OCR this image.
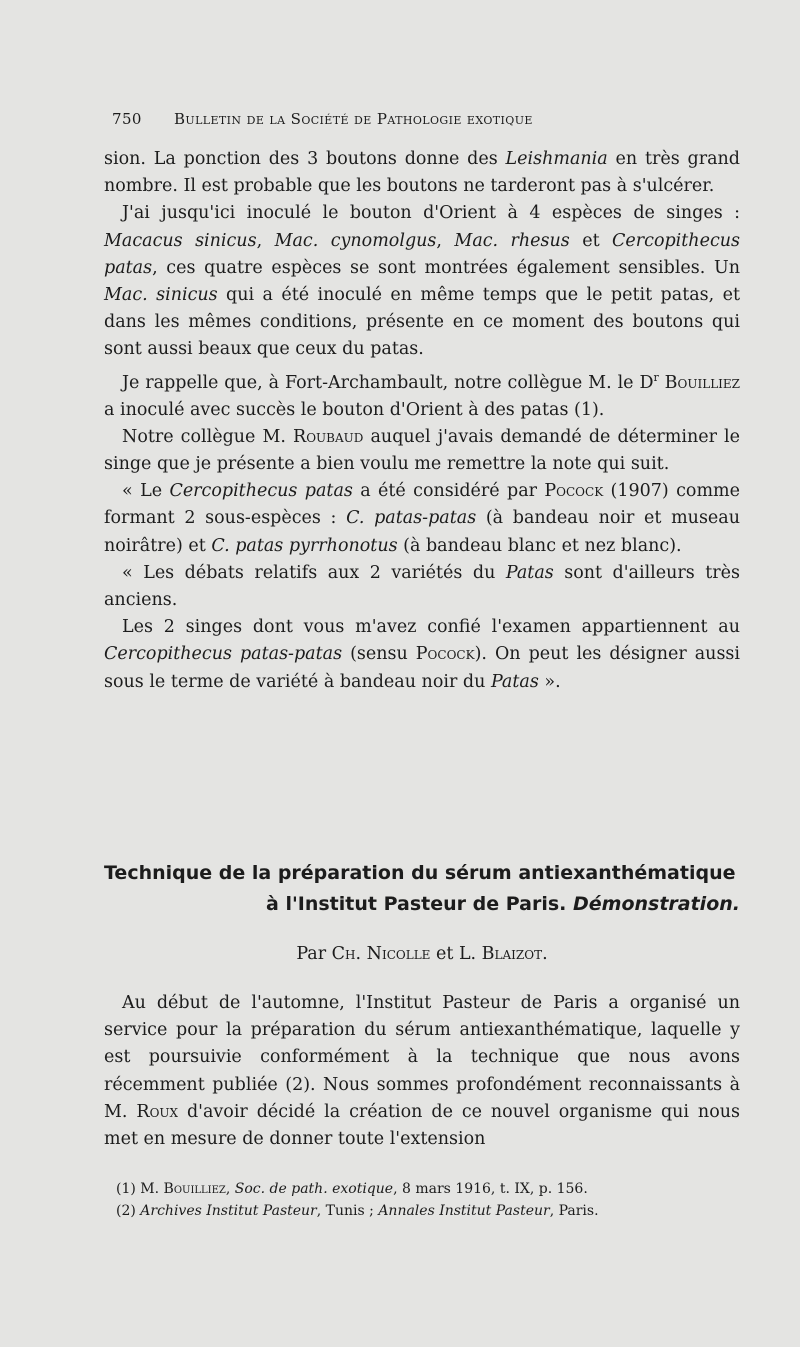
750 Bulletin de la Société de Pathologie exotique

sion. La ponction des 3 boutons donne des Leishmania en très grand nombre. Il est probable que les boutons ne tarderont pas à s'ulcérer.

J'ai jusqu'ici inoculé le bouton d'Orient à 4 espèces de singes : Macacus sinicus, Mac. cynomolgus, Mac. rhesus et Cercopithecus patas, ces quatre espèces se sont montrées également sensibles. Un Mac. sinicus qui a été inoculé en même temps que le petit patas, et dans les mêmes conditions, présente en ce moment des boutons qui sont aussi beaux que ceux du patas.

Je rappelle que, à Fort-Archambault, notre collègue M. le $D^r$ Bouilliez a inoculé avec succès le bouton d'Orient à des patas (1).

Notre collègue M. Roubaud auquel j'avais demandé de déterminer le singe que je présente a bien voulu me remettre la note qui suit.

« Le Cercopithecus patas a été considéré par Pocock (1907) comme formant 2 sous-espèces : C. patas-patas (à bandeau noir et museau noirâtre) et C. patas pyrrhonotus (à bandeau blanc et nez blanc).

« Les débats relatifs aux 2 variétés du Patas sont d'ailleurs très anciens.

Les 2 singes dont vous m'avez confié l'examen appartiennent au Cercopithecus patas-patas (sensu Pocock). On peut les désigner aussi sous le terme de variété à bandeau noir du Patas ».

Technique de la préparation du sérum antiexanthématique
à l'Institut Pasteur de Paris. Démonstration.
Par Ch. Nicolle et L. Blaizot.

Au début de l'automne, l'Institut Pasteur de Paris a organisé un service pour la préparation du sérum antiexanthématique, laquelle y est poursuivie conformément à la technique que nous avons récemment publiée (2). Nous sommes profondément reconnaissants à M. Roux d'avoir décidé la création de ce nouvel organisme qui nous met en mesure de donner toute l'extension

(1) M. Bouilliez, Soc. de path. exotique, 8 mars 1916, t. IX, p. 156.
(2) Archives Institut Pasteur, Tunis ; Annales Institut Pasteur, Paris.
